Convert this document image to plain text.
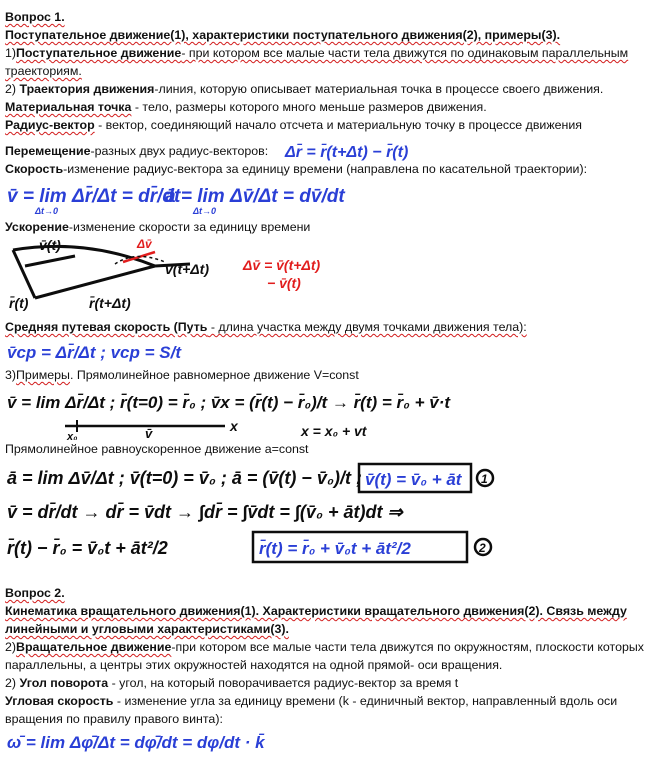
Вопрос 1.
Поступательное движение(1), характеристики поступательного движения(2), примеры(3).
1)Поступательное движение- при котором все малые части тела движутся по одинаковым параллельным траекториям.
2) Траектория движения-линия, которую описывает материальная точка в процессе своего движения.
Материальная точка - тело, размеры которого много меньше размеров движения.
Радиус-вектор - вектор, соединяющий начало отсчета и материальную точку в процессе движения
Перемещение-разных двух радиус-векторов: Δr̄ = r̄(t+Δt) − r̄(t)
Скорость-изменение радиус-вектора за единицу времени (направлена по касательной траектории):
v̄ = lim Δr̄/Δt = dr̄/dt
Δt→0
ā = lim Δv̄/Δt = dv̄/dt
Δt→0
Ускорение-изменение скорости за единицу времени
v̄(t)	Δv̄
v̄(t+Δt)
r̄(t)	r̄(t+Δt)
Δv̄ = v̄(t+Δt)
− v̄(t)
Средняя путевая скорость (Путь - длина участка между двумя точками движения тела):
v̄cp = Δr̄/Δt ; vcp = S/t
3)Примеры. Прямолинейное равномерное движение V=const
v̄ = lim Δr̄/Δt ; r̄(t=0) = r̄₀ ; v̄x = (r̄(t) − r̄₀)/t → r̄(t) = r̄₀ + v̄·t
x₀	v̄	x	x = x₀ + vt
Прямолинейное равноускоренное движение a=const
ā = lim Δv̄/Δt ; v̄(t=0) = v̄₀ ; ā = (v̄(t) − v̄₀)/t ; v̄(t) = v̄₀ + āt 1
v̄ = dr̄/dt → dr̄ = v̄dt → ∫dr̄ = ∫v̄dt = ∫(v̄₀ + āt)dt ⇒
r̄(t) − r̄₀ = v̄₀t + āt²/2	r̄(t) = r̄₀ + v̄₀t + āt²/2	2
Вопрос 2.
Кинематика вращательного движения(1). Характеристики вращательного движения(2). Связь между линейными и угловыми характеристиками(3).
2)Вращательное движение-при котором все малые части тела движутся по окружностям, плоскости которых параллельны, а центры этих окружностей находятся на одной прямой- оси вращения.
2) Угол поворота - угол, на который поворачивается радиус-вектор за время t
Угловая скорость - изменение угла за единицу времени (k - единичный вектор, направленный вдоль оси вращения по правилу правого винта):
ω̄ = lim Δφ̄/Δt = dφ̄/dt = dφ/dt · k̄
